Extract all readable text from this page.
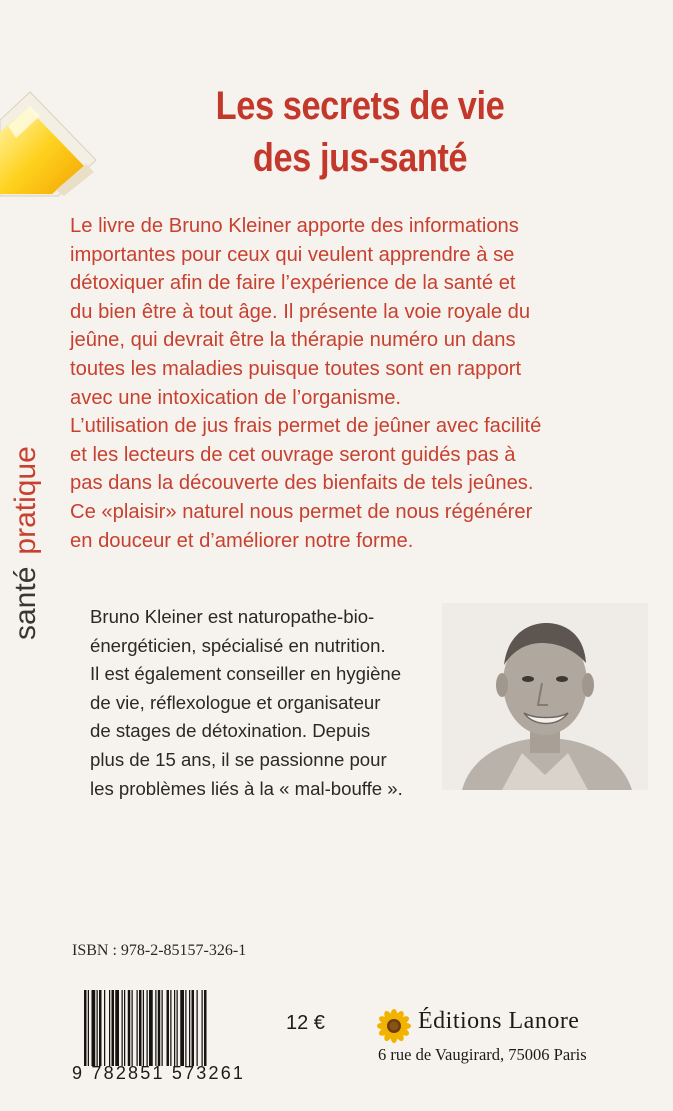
Les secrets de vie
des jus-santé

Le livre de Bruno Kleiner apporte des informations

importantes pour ceux qui veulent apprendre à se

détoxiquer afin de faire l’expérience de la santé et

du bien être à tout âge. Il présente la voie royale du

jeûne, qui devrait être la thérapie numéro un dans

toutes les maladies puisque toutes sont en rapport

avec une intoxication de l’organisme.

L’utilisation de jus frais permet de jeûner avec facilité

et les lecteurs de cet ouvrage seront guidés pas à

pas dans la découverte des bienfaits de tels jeûnes.

Ce «plaisir» naturel nous permet de nous régénérer

en douceur et d’améliorer notre forme.

santépratique

Bruno Kleiner est naturopathe-bio-

énergéticien, spécialisé en nutrition.

Il est également conseiller en hygiène

de vie, réflexologue et organisateur

de stages de détoxination. Depuis

plus de 15 ans, il se passionne pour

les problèmes liés à la « mal-bouffe ».

ISBN : 978-2-85157-326-1
9 782851 573261
12 €	Éditions Lanore
6 rue de Vaugirard, 75006 Paris
